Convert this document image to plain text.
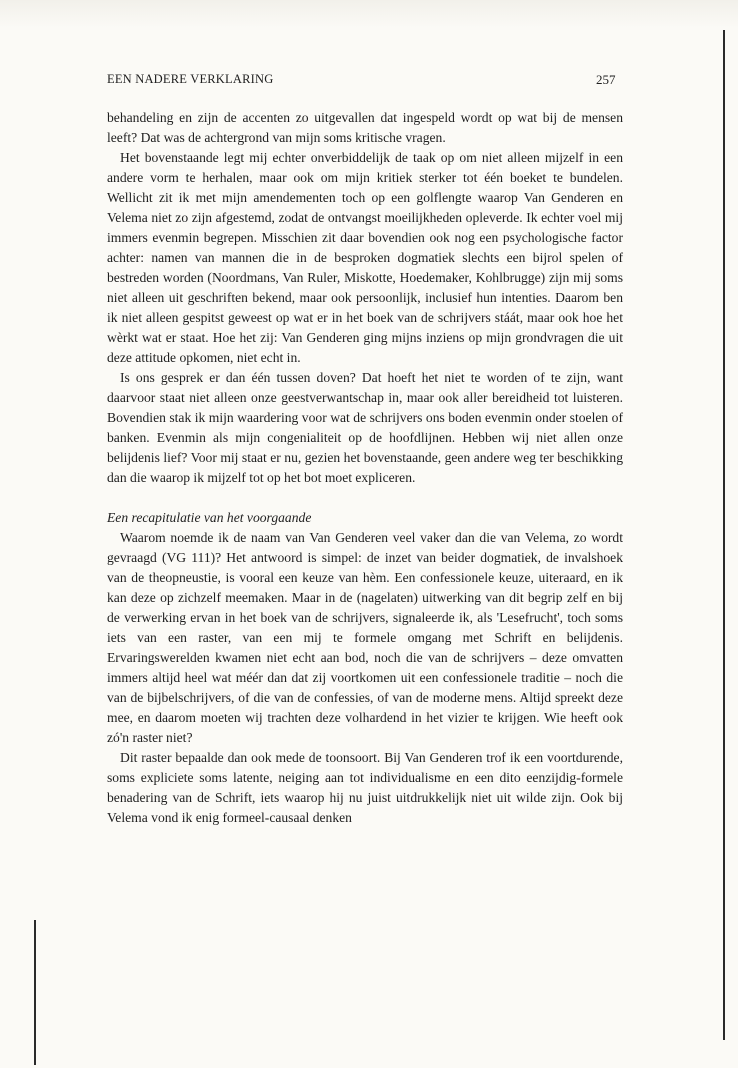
EEN NADERE VERKLARING	257

behandeling en zijn de accenten zo uitgevallen dat ingespeld wordt op wat bij de mensen leeft? Dat was de achtergrond van mijn soms kritische vragen.

Het bovenstaande legt mij echter onverbiddelijk de taak op om niet alleen mijzelf in een andere vorm te herhalen, maar ook om mijn kritiek sterker tot één boeket te bundelen. Wellicht zit ik met mijn amendementen toch op een golflengte waarop Van Genderen en Velema niet zo zijn afgestemd, zodat de ontvangst moeilijkheden opleverde. Ik echter voel mij immers evenmin begrepen. Misschien zit daar bovendien ook nog een psychologische factor achter: namen van mannen die in de besproken dogmatiek slechts een bijrol spelen of bestreden worden (Noordmans, Van Ruler, Miskotte, Hoedemaker, Kohlbrugge) zijn mij soms niet alleen uit geschriften bekend, maar ook persoonlijk, inclusief hun intenties. Daarom ben ik niet alleen gespitst geweest op wat er in het boek van de schrijvers stáát, maar ook hoe het wèrkt wat er staat. Hoe het zij: Van Genderen ging mijns inziens op mijn grondvragen die uit deze attitude opkomen, niet echt in.

Is ons gesprek er dan één tussen doven? Dat hoeft het niet te worden of te zijn, want daarvoor staat niet alleen onze geestverwantschap in, maar ook aller bereidheid tot luisteren. Bovendien stak ik mijn waardering voor wat de schrijvers ons boden evenmin onder stoelen of banken. Evenmin als mijn congenialiteit op de hoofdlijnen. Hebben wij niet allen onze belijdenis lief? Voor mij staat er nu, gezien het bovenstaande, geen andere weg ter beschikking dan die waarop ik mijzelf tot op het bot moet expliceren.

Een recapitulatie van het voorgaande

Waarom noemde ik de naam van Van Genderen veel vaker dan die van Velema, zo wordt gevraagd (VG 111)? Het antwoord is simpel: de inzet van beider dogmatiek, de invalshoek van de theopneustie, is vooral een keuze van hèm. Een confessionele keuze, uiteraard, en ik kan deze op zichzelf meemaken. Maar in de (nagelaten) uitwerking van dit begrip zelf en bij de verwerking ervan in het boek van de schrijvers, signaleerde ik, als 'Lesefrucht', toch soms iets van een raster, van een mij te formele omgang met Schrift en belijdenis. Ervaringswerelden kwamen niet echt aan bod, noch die van de schrijvers – deze omvatten immers altijd heel wat méér dan dat zij voortkomen uit een confessionele traditie – noch die van de bijbelschrijvers, of die van de confessies, of van de moderne mens. Altijd spreekt deze mee, en daarom moeten wij trachten deze volhardend in het vizier te krijgen. Wie heeft ook zó'n raster niet?

Dit raster bepaalde dan ook mede de toonsoort. Bij Van Genderen trof ik een voortdurende, soms expliciete soms latente, neiging aan tot individualisme en een dito eenzijdig-formele benadering van de Schrift, iets waarop hij nu juist uitdrukkelijk niet uit wilde zijn. Ook bij Velema vond ik enig formeel-causaal denken
